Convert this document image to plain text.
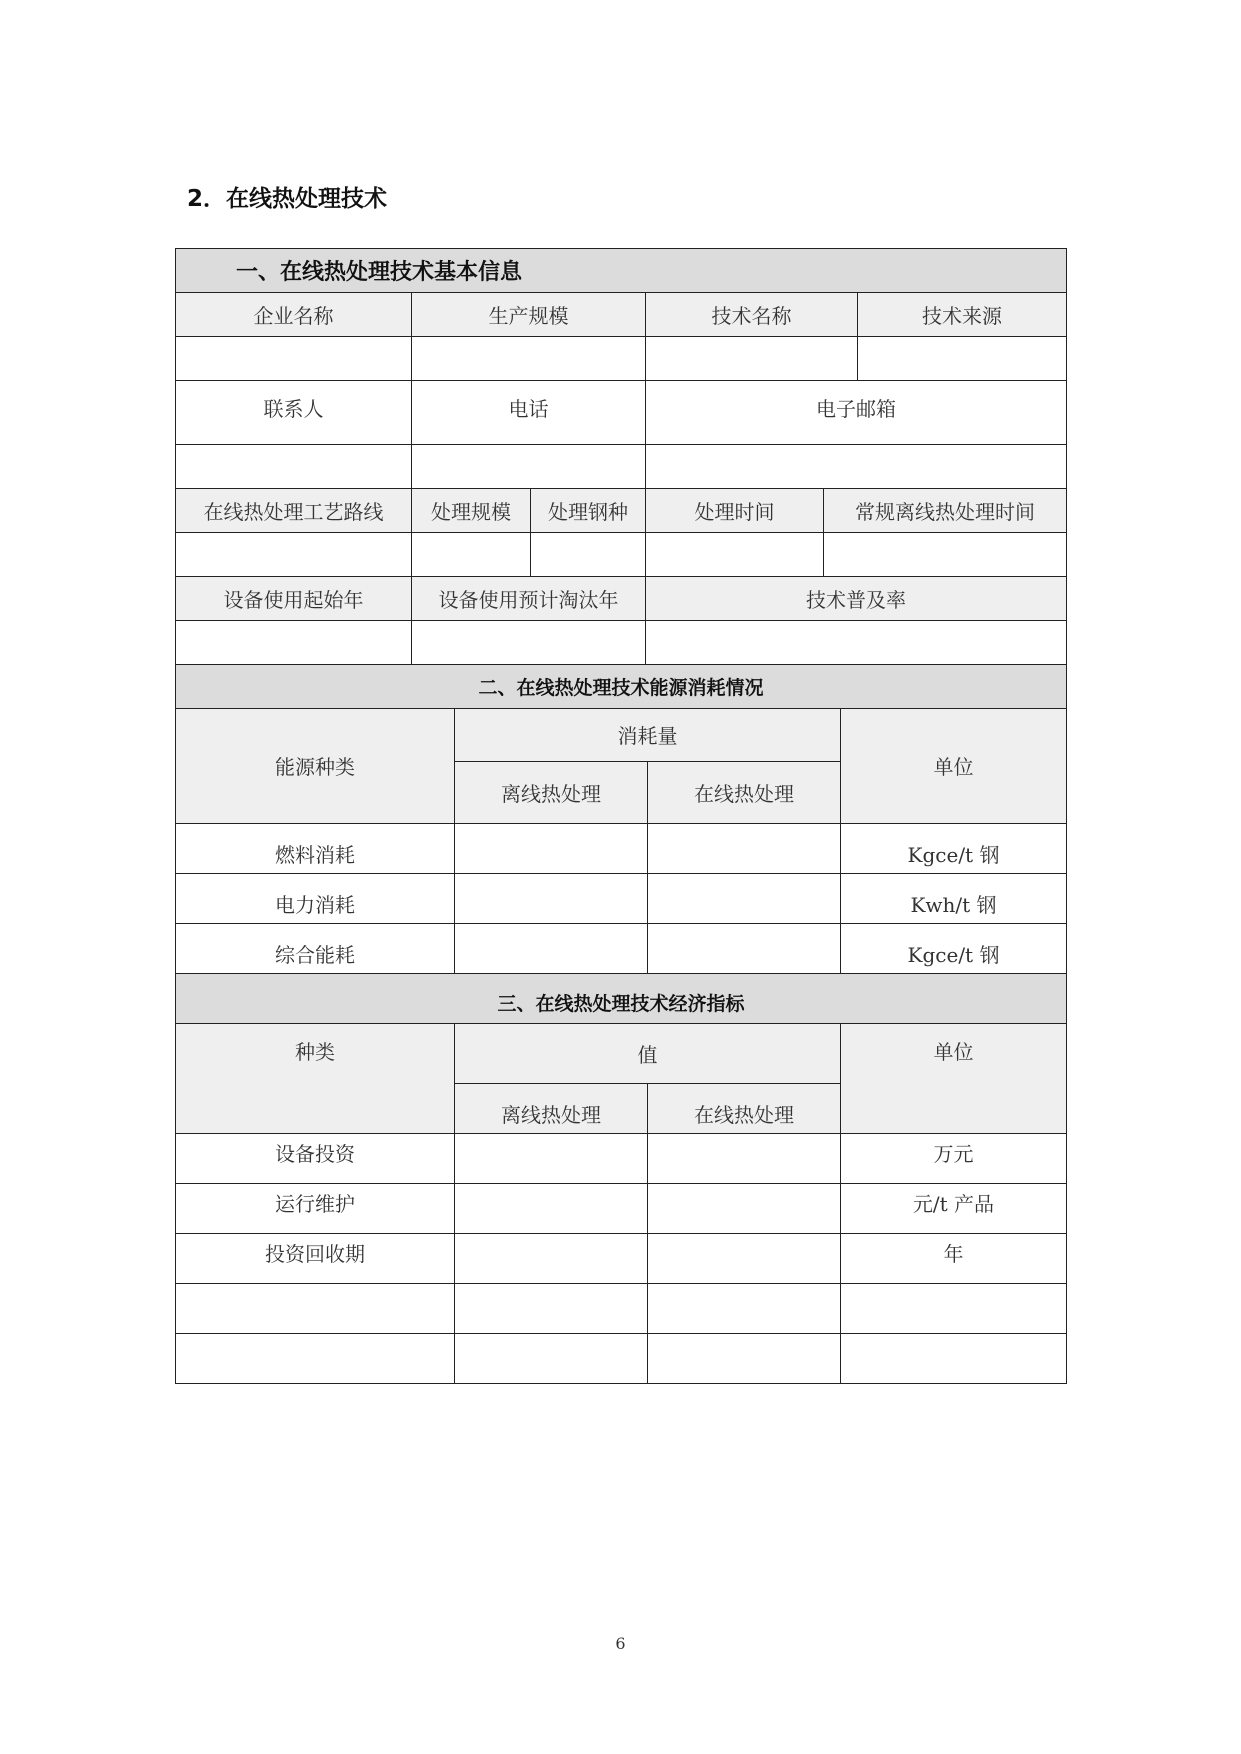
2．在线热处理技术
一、在线热处理技术基本信息					
企业名称	生产规模		技术名称		技术来源

联系人	电话		电子邮箱		

在线热处理工艺路线	处理规模	处理钢种	处理时间	常规离线热处理时间	

设备使用起始年	设备使用预计淘汰年		技术普及率		

二、在线热处理技术能源消耗情况					
能源种类	消耗量		单位
	离线热处理	在线热处理	
燃料消耗			Kgce/t 钢
电力消耗			Kwh/t 钢
综合能耗			Kgce/t 钢
三、在线热处理技术经济指标			
种类	值		单位
	离线热处理	在线热处理	
设备投资			万元
运行维护			元/t 产品
投资回收期			年

6
